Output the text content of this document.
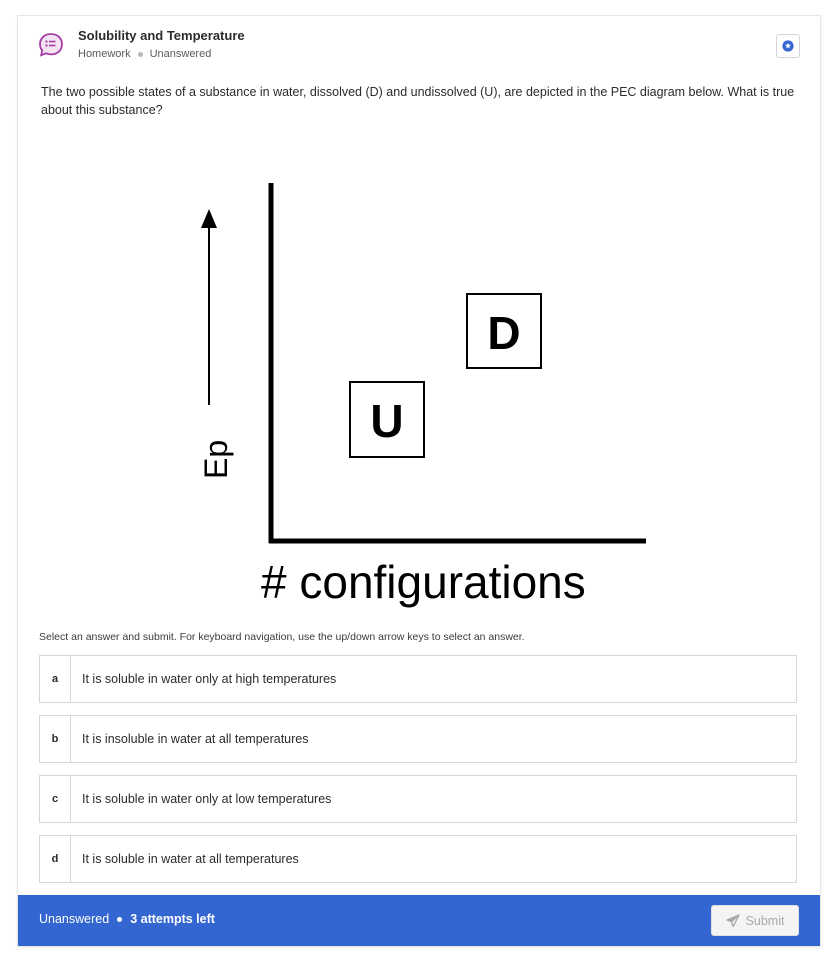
Solubility and Temperature
Homework Unanswered
The two possible states of a substance in water, dissolved (D) and undissolved (U), are depicted in the PEC diagram below. What is true about this substance?
Ep
# configurations
D
U
Select an answer and submit. For keyboard navigation, use the up/down arrow keys to select an answer.
a	It is soluble in water only at high temperatures
b	It is insoluble in water at all temperatures
c	It is soluble in water only at low temperatures
d	It is soluble in water at all temperatures
Unanswered 3 attempts left	Submit
